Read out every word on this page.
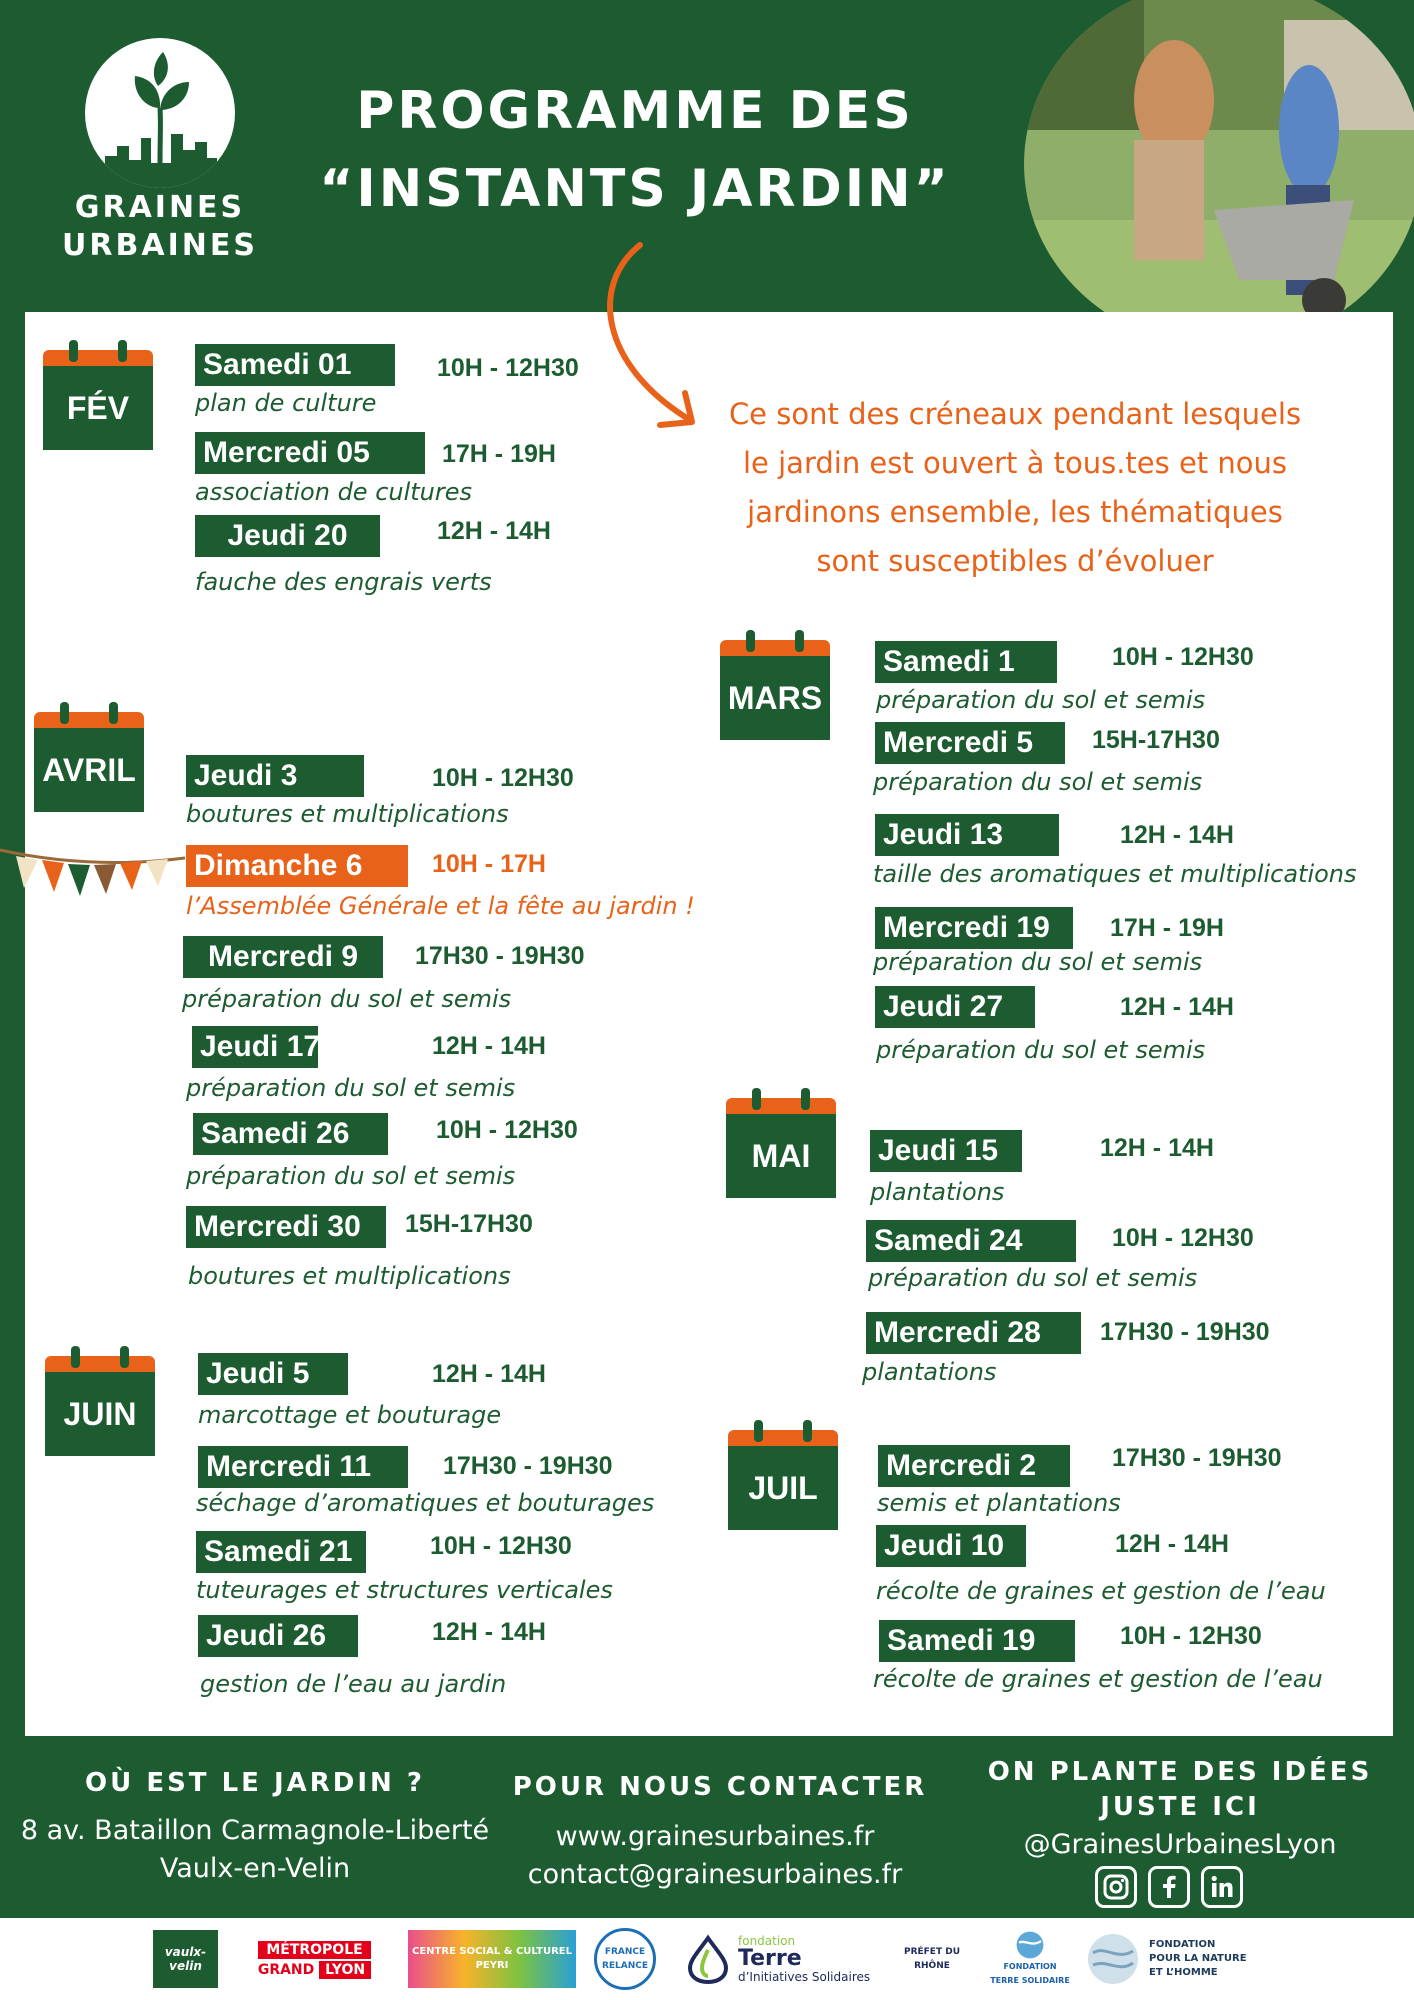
GRAINES
URBAINES
PROGRAMME DES
“INSTANTS JARDIN”
Ce sont des créneaux pendant lesquels le jardin est ouvert à tous.tes et nous jardinons ensemble, les thématiques sont susceptibles d’évoluer
FÉV
AVRIL
JUIN
MARS
MAI
JUIL
Samedi 01	10H - 12H30
plan de culture
Mercredi 05	17H - 19H
association de cultures
Jeudi 20	12H - 14H
fauche des engrais verts
Jeudi 3	10H - 12H30
boutures et multiplications
Dimanche 6	10H - 17H
l’Assemblée Générale et la fête au jardin !
Mercredi 9	17H30 - 19H30
préparation du sol et semis
Jeudi 17	12H - 14H
préparation du sol et semis
Samedi 26	10H - 12H30
préparation du sol et semis
Mercredi 30	15H-17H30
boutures et multiplications
Jeudi 5	12H - 14H
marcottage et bouturage
Mercredi 11	17H30 - 19H30
séchage d’aromatiques et bouturages
Samedi 21	10H - 12H30
tuteurages et structures verticales
Jeudi 26	12H - 14H
gestion de l’eau au jardin
Samedi 1	10H - 12H30
préparation du sol et semis
Mercredi 5	15H-17H30
préparation du sol et semis
Jeudi 13	12H - 14H
taille des aromatiques et multiplications
Mercredi 19	17H - 19H
préparation du sol et semis
Jeudi 27	12H - 14H
préparation du sol et semis
Jeudi 15	12H - 14H
plantations
Samedi 24	10H - 12H30
préparation du sol et semis
Mercredi 28	17H30 - 19H30
plantations
Mercredi 2	17H30 - 19H30
semis et plantations
Jeudi 10	12H - 14H
récolte de graines et gestion de l’eau
Samedi 19	10H - 12H30
récolte de graines et gestion de l’eau
OÙ EST LE JARDIN ?
8 av. Bataillon Carmagnole-Liberté
Vaulx-en-Velin
POUR NOUS CONTACTER
www.grainesurbaines.fr
contact@grainesurbaines.fr
ON PLANTE DES IDÉES
JUSTE ICI
@GrainesUrbainesLyon
vaulx-velin
MÉTROPOLE
GRAND LYON
CENTRE SOCIAL & CULTUREL PEYRI
FRANCE RELANCE
fondation
Terre
d’Initiatives Solidaires
PRÉFET DU RHÔNE	FONDATION TERRE SOLIDAIRE
FONDATION POUR LA NATURE ET L’HOMME
